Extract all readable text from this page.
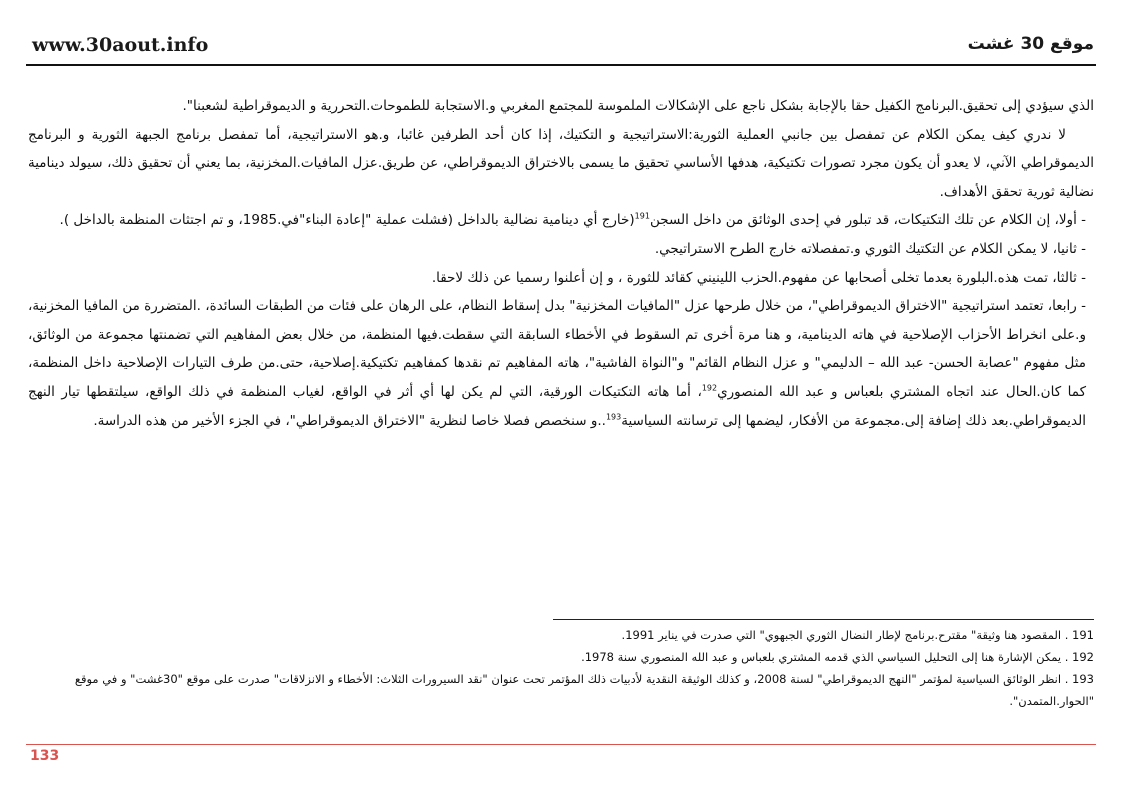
www.30aout.info	موقع 30 غشت

الذي سيؤدي إلى تحقيق.البرنامج الكفيل حقا بالإجابة بشكل ناجع على الإشكالات الملموسة للمجتمع المغربي و.الاستجابة للطموحات.التحررية و الديموقراطية لشعبنا".

لا ندري كيف يمكن الكلام عن تمفصل بين جانبي العملية الثورية:الاستراتيجية و التكتيك، إذا كان أحد الطرفين غائبا، و.هو الاستراتيجية، أما تمفصل برنامج الجبهة الثورية و البرنامج الديموقراطي الآني، لا يعدو أن يكون مجرد تصورات تكتيكية، هدفها الأساسي تحقيق ما يسمى بالاختراق الديموقراطي، عن طريق.عزل المافيات.المخزنية، بما يعني أن تحقيق ذلك، سيولد دينامية نضالية ثورية تحقق الأهداف.

- أولا، إن الكلام عن تلك التكتيكات، قد تبلور في إحدى الوثائق من داخل السجن$^{191}$(خارج أي دينامية نضالية بالداخل (فشلت عملية "إعادة البناء"في.1985، و تم اجتثات المنظمة بالداخل ).

- ثانيا، لا يمكن الكلام عن التكتيك الثوري و.تمفصلاته خارج الطرح الاستراتيجي.

- ثالثا، تمت هذه.البلورة بعدما تخلى أصحابها عن مفهوم.الحزب اللينيني كقائد للثورة ، و إن أعلنوا رسميا عن ذلك لاحقا.

- رابعا، تعتمد استراتيجية "الاختراق الديموقراطي"، من خلال طرحها عزل "المافيات المخزنية" بدل إسقاط النظام، على الرهان على فئات من الطبقات السائدة، .المتضررة من المافيا المخزنية، و.على انخراط الأحزاب الإصلاحية في هاته الدينامية، و هنا مرة أخرى تم السقوط في الأخطاء السابقة التي سقطت.فيها المنظمة، من خلال بعض المفاهيم التي تضمنتها مجموعة من الوثائق، مثل مفهوم "عصابة الحسن- عبد الله – الدليمي" و عزل النظام القائم" و"النواة الفاشية"، هاته المفاهيم تم نقدها كمفاهيم تكتيكية.إصلاحية، حتى.من طرف التيارات الإصلاحية داخل المنظمة، كما كان.الحال عند اتجاه المشتري بلعباس و عبد الله المنصوري$^{192}$، أما هاته التكتيكات الورقية، التي لم يكن لها أي أثر في الواقع، لغياب المنظمة في ذلك الواقع، سيلتقطها تيار النهج الديموقراطي.بعد ذلك إضافة إلى.مجموعة من الأفكار، ليضمها إلى ترسانته السياسية$^{193}$..و سنخصص فصلا خاصا لنظرية "الاختراق الديموقراطي"، في الجزء الأخير من هذه الدراسة.

191 . المقصود هنا وثيقة" مقترح.برنامج لإطار النضال الثوري الجبهوي" التي صدرت في يناير 1991.

192 . يمكن الإشارة هنا إلى التحليل السياسي الذي قدمه المشتري بلعباس و عبد الله المنصوري سنة 1978.

193 . انظر الوثائق السياسية لمؤتمر "النهج الديموقراطي" لسنة 2008، و كذلك الوثيقة النقدية لأدبيات ذلك المؤتمر تحت عنوان "نقد السيرورات الثلاث: الأخطاء و الانزلاقات" صدرت على موقع "30غشت" و في موقع "الحوار.المتمدن".

133
